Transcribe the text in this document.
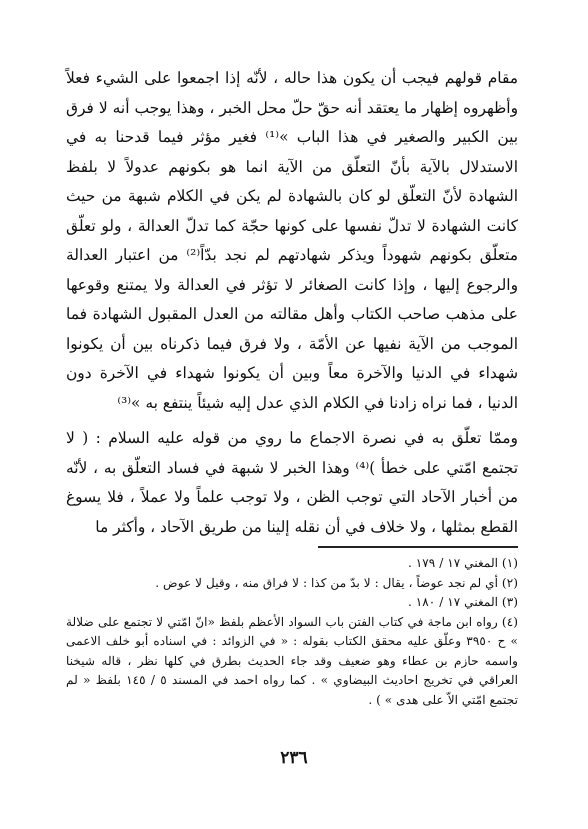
مقام قولهم فيجب أن يكون هذا حاله ، لأنّه إذا اجمعوا على الشيء فعلاً وأظهروه إظهار ما يعتقد أنه حقّ حلّ محل الخبر ، وهذا يوجب أنه لا فرق بين الكبير والصغير في هذا الباب »⁽¹⁾ فغير مؤثر فيما قدحنا به في الاستدلال بالآية بأنّ التعلّق من الآية انما هو بكونهم عدولاً لا بلفظ الشهادة لأنّ التعلّق لو كان بالشهادة لم يكن في الكلام شبهة من حيث كانت الشهادة لا تدلّ نفسها على كونها حجّة كما تدلّ العدالة ، ولو تعلّق متعلّق بكونهم شهوداً ويذكر شهادتهم لم نجد بدّاً⁽²⁾ من اعتبار العدالة والرجوع إليها ، وإذا كانت الصغائر لا تؤثر في العدالة ولا يمتنع وقوعها على مذهب صاحب الكتاب وأهل مقالته من العدل المقبول الشهادة فما الموجب من الآية نفيها عن الأمّة ، ولا فرق فيما ذكرناه بين أن يكونوا شهداء في الدنيا والآخرة معاً وبين أن يكونوا شهداء في الآخرة دون الدنيا ، فما نراه زادنا في الكلام الذي عدل إليه شيئاً ينتفع به »⁽³⁾

وممّا تعلّق به في نصرة الاجماع ما روي من قوله عليه السلام : ( لا تجتمع امّتي على خطأ )⁽⁴⁾ وهذا الخبر لا شبهة في فساد التعلّق به ، لأنّه من أخبار الآحاد التي توجب الظن ، ولا توجب علماً ولا عملاً ، فلا يسوغ القطع بمثلها ، ولا خلاف في أن نقله إلينا من طريق الآحاد ، وأكثر ما

(١) المغني ١٧ / ١٧٩ .

(٢) أي لم نجد عوضاً ، يقال : لا بدّ من كذا : لا فراق منه ، وقيل لا عوض .

(٣) المغني ١٧ / ١٨٠ .

(٤) رواه ابن ماجة في كتاب الفتن باب السواد الأعظم بلفظ «انّ امّتي لا تجتمع على ضلالة » ح ٣٩٥٠ وعلّق عليه محقق الكتاب بقوله : « في الزوائد : في اسناده أبو خلف الاعمى واسمه حازم بن عطاء وهو ضعيف وقد جاء الحديث بطرق في كلها نظر ، قاله شيخنا العراقي في تخريج احاديث البيضاوي » . كما رواه احمد في المسند ٥ / ١٤٥ بلفظ « لم تجتمع امّتي الاّ على هدى » ) .

٢٣٦
